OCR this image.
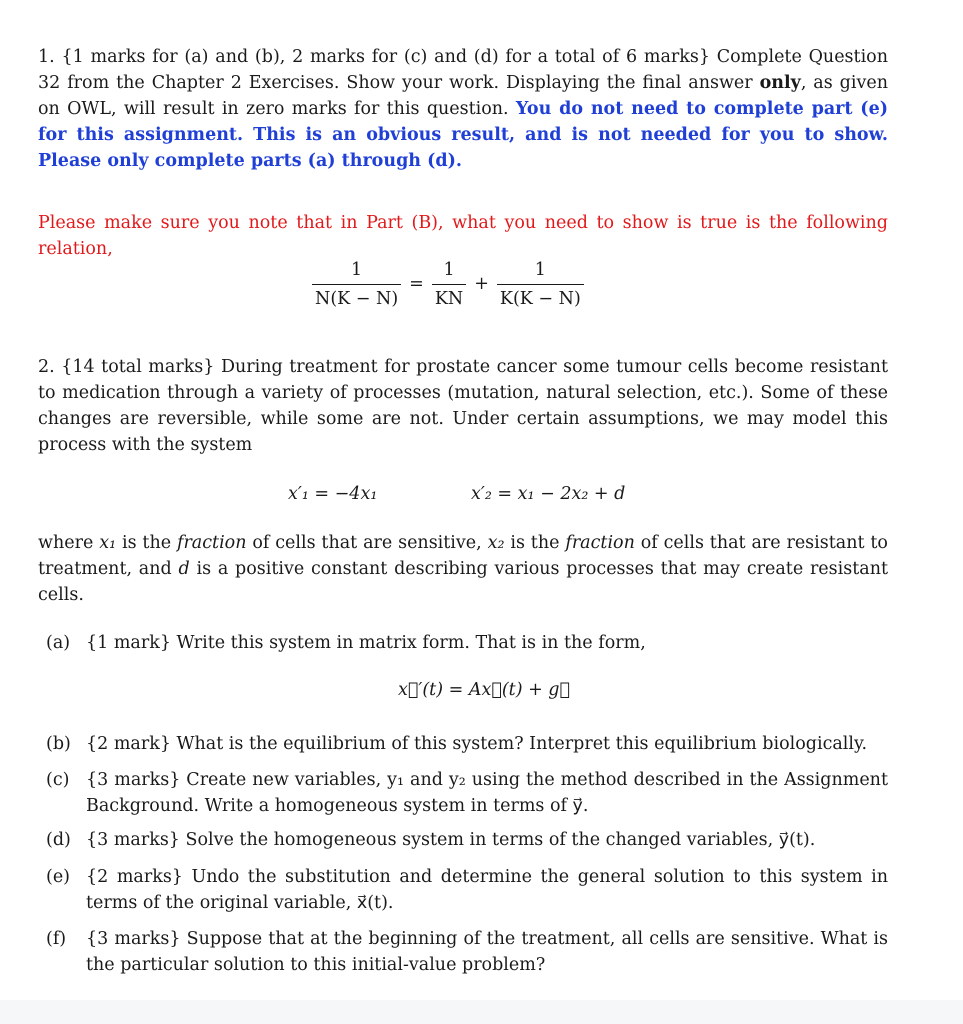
1. {1 marks for (a) and (b), 2 marks for (c) and (d) for a total of 6 marks} Complete Question 32 from the Chapter 2 Exercises. Show your work. Displaying the final answer only, as given on OWL, will result in zero marks for this question. You do not need to complete part (e) for this assignment. This is an obvious result, and is not needed for you to show. Please only complete parts (a) through (d).
Please make sure you note that in Part (B), what you need to show is true is the following relation,
$\frac{1}{N(K - N)} = \frac{1}{KN} + \frac{1}{K(K - N)}$
2. {14 total marks} During treatment for prostate cancer some tumour cells become resistant to medication through a variety of processes (mutation, natural selection, etc.). Some of these changes are reversible, while some are not. Under certain assumptions, we may model this process with the system
x′₁ = −4x₁	x′₂ = x₁ − 2x₂ + d
where x₁ is the fraction of cells that are sensitive, x₂ is the fraction of cells that are resistant to treatment, and d is a positive constant describing various processes that may create resistant cells.
(a) {1 mark} Write this system in matrix form. That is in the form,
x⃗′(t) = Ax⃗(t) + g⃗
(b) {2 mark} What is the equilibrium of this system? Interpret this equilibrium biologically.
(c) {3 marks} Create new variables, y₁ and y₂ using the method described in the Assignment Background. Write a homogeneous system in terms of y⃗.
(d) {3 marks} Solve the homogeneous system in terms of the changed variables, y⃗(t).
(e) {2 marks} Undo the substitution and determine the general solution to this system in terms of the original variable, x⃗(t).
(f)	{3 marks} Suppose that at the beginning of the treatment, all cells are sensitive. What is the particular solution to this initial-value problem?
